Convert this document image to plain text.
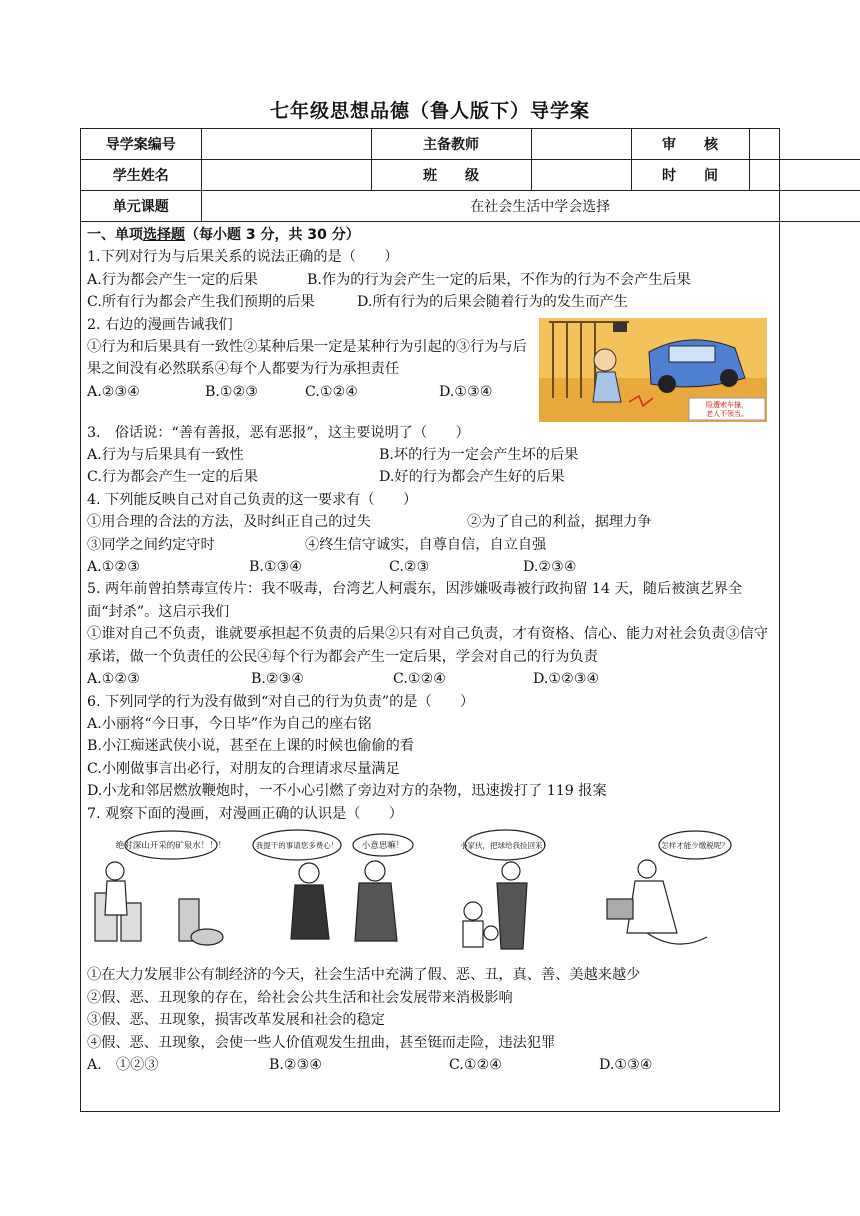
七年级思想品德（鲁人版下）导学案
导学案编号		主备教师		审　　核	
学生姓名		班　　级		时　　间	
单元课题	在社会生活中学会选择				
一、单项选择题（每小题 3 分，共 30 分）
1.下列对行为与后果关系的说法正确的是（　　）
A.行为都会产生一定的后果	B.作为的行为会产生一定的后果，不作为的行为不会产生后果
C.所有行为都会产生我们预期的后果	D.所有行为的后果会随着行为的发生而产生
2. 右边的漫画告诫我们
①行为和后果具有一致性②某种后果一定是某种行为引起的③行为与后果之间没有必然联系④每个人都要为行为承担责任
A.②③④	B.①②③	C.①②④	D.①③④
险遭索车撞，
老人不领当。
3.　俗话说：“善有善报，恶有恶报”，这主要说明了（　　）
A.行为与后果具有一致性	B.坏的行为一定会产生坏的后果
C.行为都会产生一定的后果	D.好的行为都会产生好的后果
4. 下列能反映自己对自己负责的这一要求有（　　）
①用合理的合法的方法，及时纠正自己的过失	②为了自己的利益，据理力争
③同学之间约定守时	④终生信守诚实，自尊自信，自立自强
A.①②③	B.①③④	C.②③	D.②③④
5. 两年前曾拍禁毒宣传片：我不吸毒，台湾艺人柯震东，因涉嫌吸毒被行政拘留 14 天，随后被演艺界全面“封杀”。这启示我们
①谁对自己不负责，谁就要承担起不负责的后果②只有对自己负责，才有资格、信心、能力对社会负责③信守承诺，做一个负责任的公民④每个行为都会产生一定后果，学会对自己的行为负责
A.①②③	B.②③④	C.①②④	D.①②③④
6. 下列同学的行为没有做到“对自己的行为负责”的是（　　）
A.小丽将“今日事，今日毕”作为自己的座右铭
B.小江痴迷武侠小说，甚至在上课的时候也偷偷的看
C.小刚做事言出必行，对朋友的合理请求尽量满足
D.小龙和邻居燃放鞭炮时，一不小心引燃了旁边对方的杂物，迅速拨打了 119 报案
7. 观察下面的漫画，对漫画正确的认识是（　　）
绝对深山开采的矿泉水！！！	我提干的事请您多费心！	小意思嘛！	小家伙，把球给我捡回来！	怎样才能少缴税呢？
①在大力发展非公有制经济的今天，社会生活中充满了假、恶、丑，真、善、美越来越少
②假、恶、丑现象的存在，给社会公共生活和社会发展带来消极影响
③假、恶、丑现象，损害改革发展和社会的稳定
④假、恶、丑现象，会使一些人价值观发生扭曲，甚至铤而走险，违法犯罪
A.　①②③	B.②③④	C.①②④	D.①③④
